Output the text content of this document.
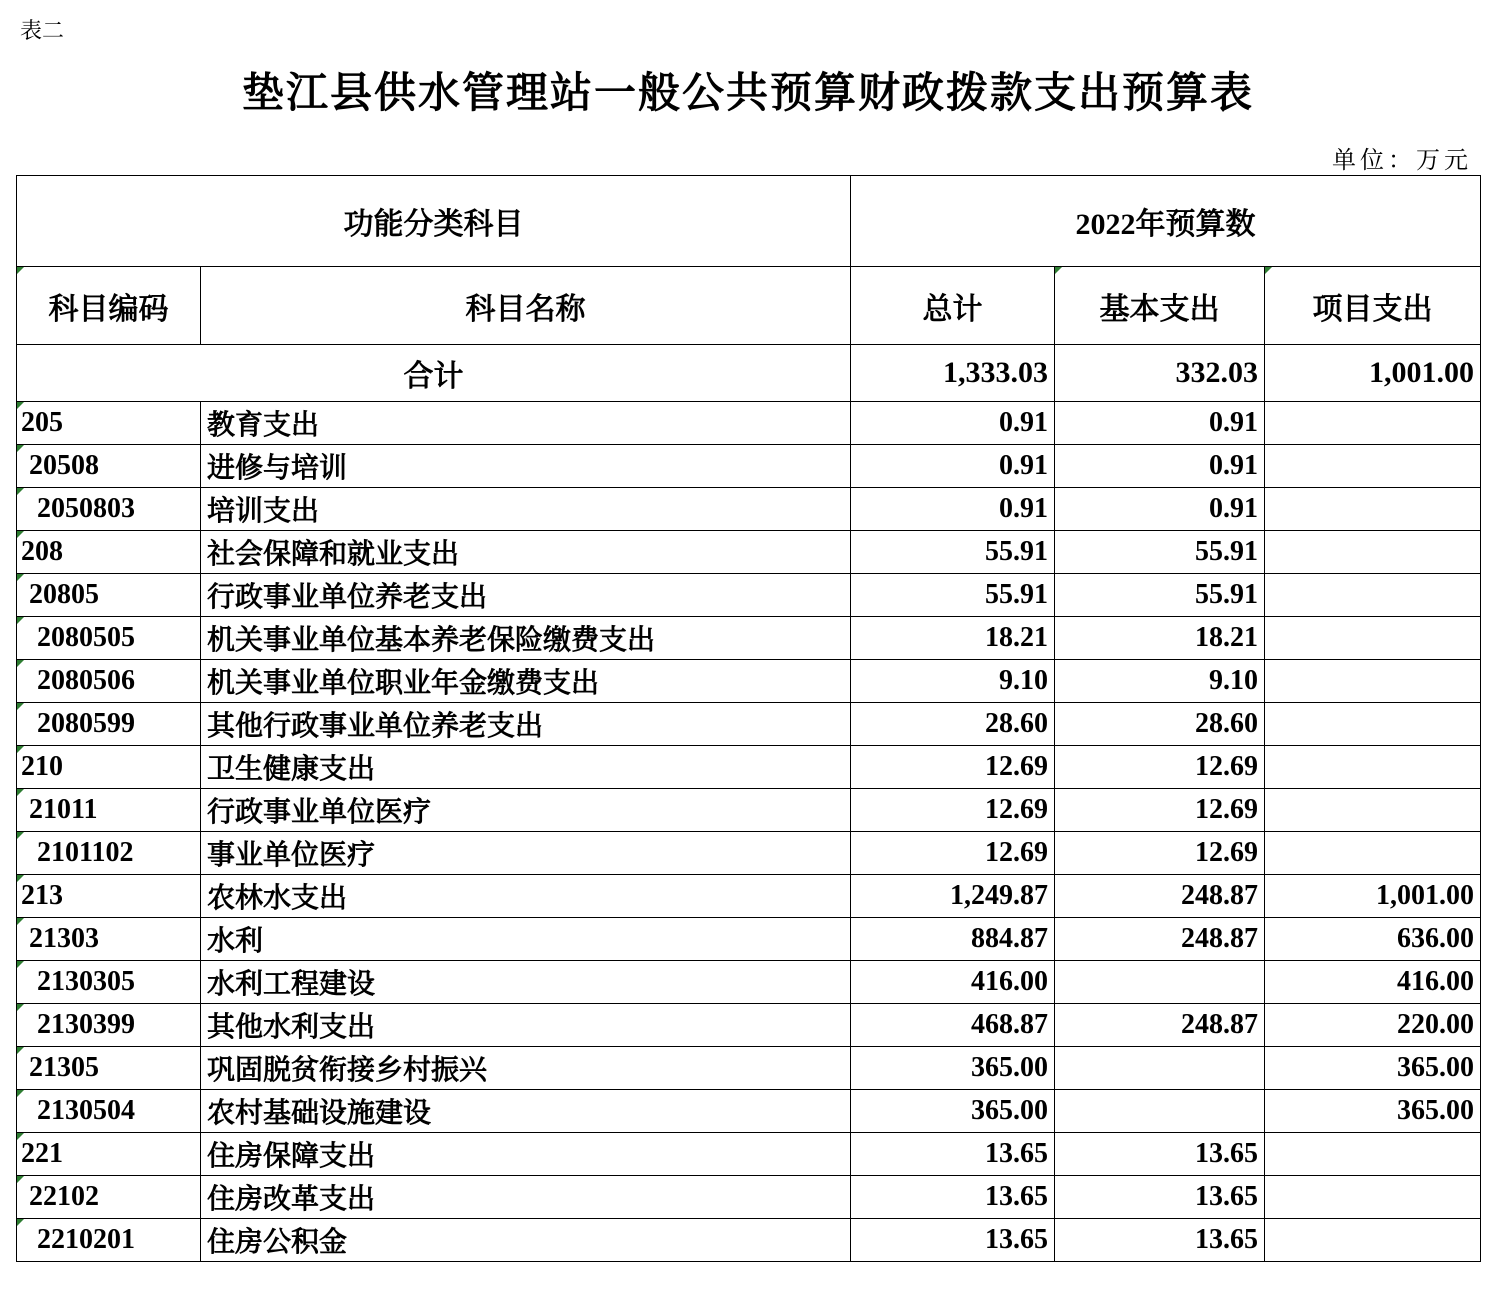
表二
垫江县供水管理站一般公共预算财政拨款支出预算表
单位：万元
功能分类科目		2022年预算数		
科目编码	科目名称	总计	基本支出	项目支出
合计		1,333.03	332.03	1,001.00
205	教育支出	0.91	0.91	
20508	进修与培训	0.91	0.91	
2050803	培训支出	0.91	0.91	
208	社会保障和就业支出	55.91	55.91	
20805	行政事业单位养老支出	55.91	55.91	
2080505	机关事业单位基本养老保险缴费支出	18.21	18.21	
2080506	机关事业单位职业年金缴费支出	9.10	9.10	
2080599	其他行政事业单位养老支出	28.60	28.60	
210	卫生健康支出	12.69	12.69	
21011	行政事业单位医疗	12.69	12.69	
2101102	事业单位医疗	12.69	12.69	
213	农林水支出	1,249.87	248.87	1,001.00
21303	水利	884.87	248.87	636.00
2130305	水利工程建设	416.00		416.00
2130399	其他水利支出	468.87	248.87	220.00
21305	巩固脱贫衔接乡村振兴	365.00		365.00
2130504	农村基础设施建设	365.00		365.00
221	住房保障支出	13.65	13.65	
22102	住房改革支出	13.65	13.65	
2210201	住房公积金	13.65	13.65	
